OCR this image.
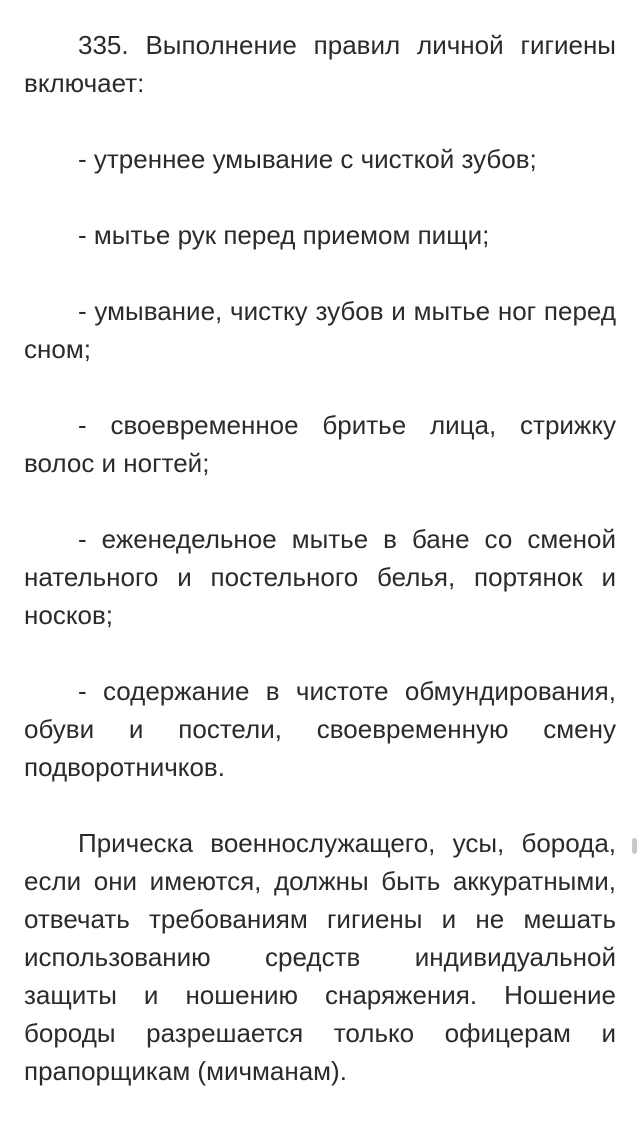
335. Выполнение правил личной гигиены включает:

- утреннее умывание с чисткой зубов;

- мытье рук перед приемом пищи;

- умывание, чистку зубов и мытье ног перед сном;

- своевременное бритье лица, стрижку волос и ногтей;

- еженедельное мытье в бане со сменой нательного и постельного белья, портянок и носков;

- содержание в чистоте обмундирования, обуви и постели, своевременную смену подворотничков.

Прическа военнослужащего, усы, борода, если они имеются, должны быть аккуратными, отвечать требованиям гигиены и не мешать использованию средств индивидуальной защиты и ношению снаряжения. Ношение бороды разрешается только офицерам и прапорщикам (мичманам).
